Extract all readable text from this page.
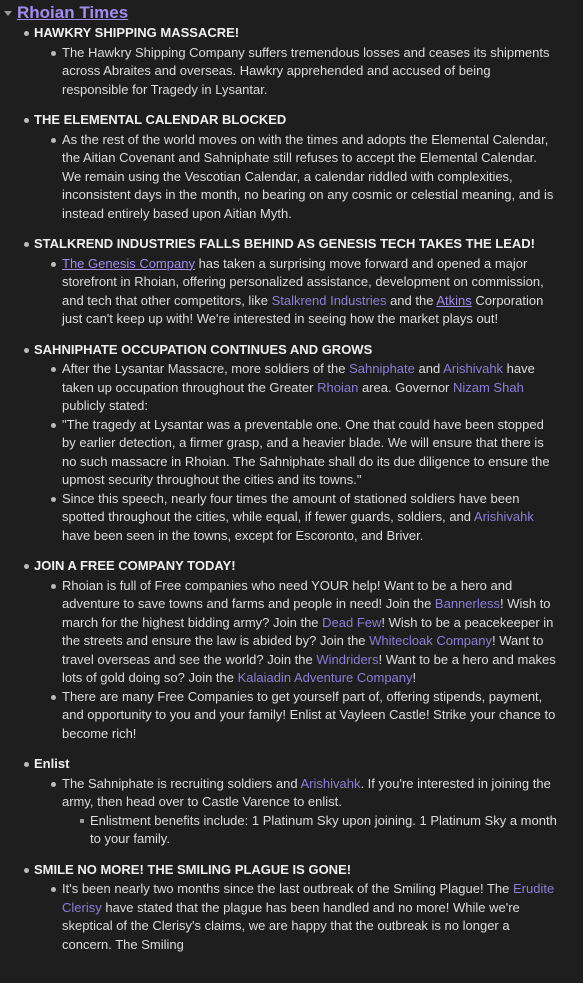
Rhoian Times
HAWKRY SHIPPING MASSACRE!
The Hawkry Shipping Company suffers tremendous losses and ceases its shipments across Abraites and overseas. Hawkry apprehended and accused of being responsible for Tragedy in Lysantar.
THE ELEMENTAL CALENDAR BLOCKED
As the rest of the world moves on with the times and adopts the Elemental Calendar, the Aitian Covenant and Sahniphate still refuses to accept the Elemental Calendar. We remain using the Vescotian Calendar, a calendar riddled with complexities, inconsistent days in the month, no bearing on any cosmic or celestial meaning, and is instead entirely based upon Aitian Myth.
STALKREND INDUSTRIES FALLS BEHIND AS GENESIS TECH TAKES THE LEAD!
The Genesis Company has taken a surprising move forward and opened a major storefront in Rhoian, offering personalized assistance, development on commission, and tech that other competitors, like Stalkrend Industries and the Atkins Corporation just can't keep up with! We're interested in seeing how the market plays out!
SAHNIPHATE OCCUPATION CONTINUES AND GROWS
After the Lysantar Massacre, more soldiers of the Sahniphate and Arishivahk have taken up occupation throughout the Greater Rhoian area. Governor Nizam Shah publicly stated:
"The tragedy at Lysantar was a preventable one. One that could have been stopped by earlier detection, a firmer grasp, and a heavier blade. We will ensure that there is no such massacre in Rhoian. The Sahniphate shall do its due diligence to ensure the upmost security throughout the cities and its towns."
Since this speech, nearly four times the amount of stationed soldiers have been spotted throughout the cities, while equal, if fewer guards, soldiers, and Arishivahk have been seen in the towns, except for Escoronto, and Briver.
JOIN A FREE COMPANY TODAY!
Rhoian is full of Free companies who need YOUR help! Want to be a hero and adventure to save towns and farms and people in need! Join the Bannerless! Wish to march for the highest bidding army? Join the Dead Few! Wish to be a peacekeeper in the streets and ensure the law is abided by? Join the Whitecloak Company! Want to travel overseas and see the world? Join the Windriders! Want to be a hero and makes lots of gold doing so? Join the Kalaiadin Adventure Company!
There are many Free Companies to get yourself part of, offering stipends, payment, and opportunity to you and your family! Enlist at Vayleen Castle! Strike your chance to become rich!
Enlist
The Sahniphate is recruiting soldiers and Arishivahk. If you're interested in joining the army, then head over to Castle Varence to enlist.
Enlistment benefits include: 1 Platinum Sky upon joining. 1 Platinum Sky a month to your family.
SMILE NO MORE! THE SMILING PLAGUE IS GONE!
It's been nearly two months since the last outbreak of the Smiling Plague! The Erudite Clerisy have stated that the plague has been handled and no more! While we're skeptical of the Clerisy's claims, we are happy that the outbreak is no longer a concern. The Smiling
